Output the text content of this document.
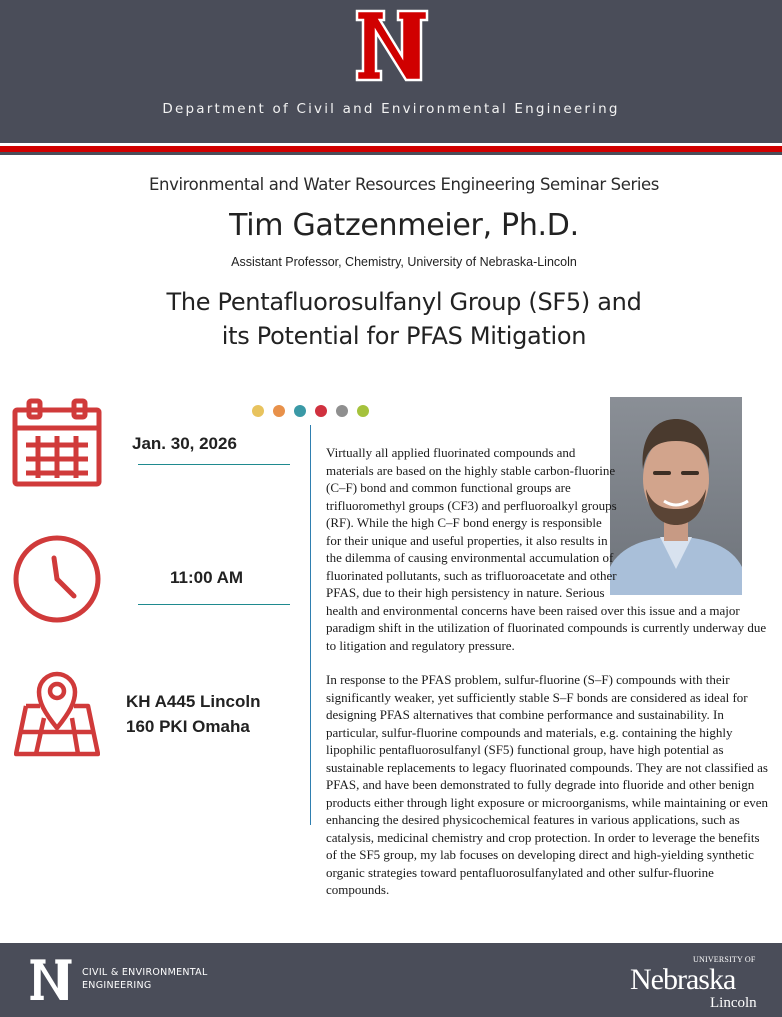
Department of Civil and Environmental Engineering
Environmental and Water Resources Engineering Seminar Series
Tim Gatzenmeier, Ph.D.
Assistant Professor, Chemistry, University of Nebraska-Lincoln
The Pentafluorosulfanyl Group (SF5) and
its Potential for PFAS Mitigation
Jan. 30, 2026
11:00 AM
KH A445 Lincoln
160 PKI Omaha

Virtually all applied fluorinated compounds and materials are based on the highly stable carbon-fluorine (C–F) bond and common functional groups are trifluoromethyl groups (CF3) and perfluoroalkyl groups (RF). While the high C–F bond energy is responsible for their unique and useful properties, it also results in the dilemma of causing environmental accumulation of fluorinated pollutants, such as trifluoroacetate and other PFAS, due to their high persistency in nature. Serious health and environmental concerns have been raised over this issue and a major paradigm shift in the utilization of fluorinated compounds is currently underway due to litigation and regulatory pressure.

In response to the PFAS problem, sulfur-fluorine (S–F) compounds with their significantly weaker, yet sufficiently stable S–F bonds are considered as ideal for designing PFAS alternatives that combine performance and sustainability. In particular, sulfur-fluorine compounds and materials, e.g. containing the highly lipophilic pentafluorosulfanyl (SF5) functional group, have high potential as sustainable replacements to legacy fluorinated compounds. They are not classified as PFAS, and have been demonstrated to fully degrade into fluoride and other benign products either through light exposure or microorganisms, while maintaining or even enhancing the desired physicochemical features in various applications, such as catalysis, medicinal chemistry and crop protection. In order to leverage the benefits of the SF5 group, my lab focuses on developing direct and high-yielding synthetic organic strategies toward pentafluorosulfanylated and other sulfur-fluorine compounds.

CIVIL & ENVIRONMENTAL
ENGINEERING
UNIVERSITY OF
Nebraska
Lincoln
